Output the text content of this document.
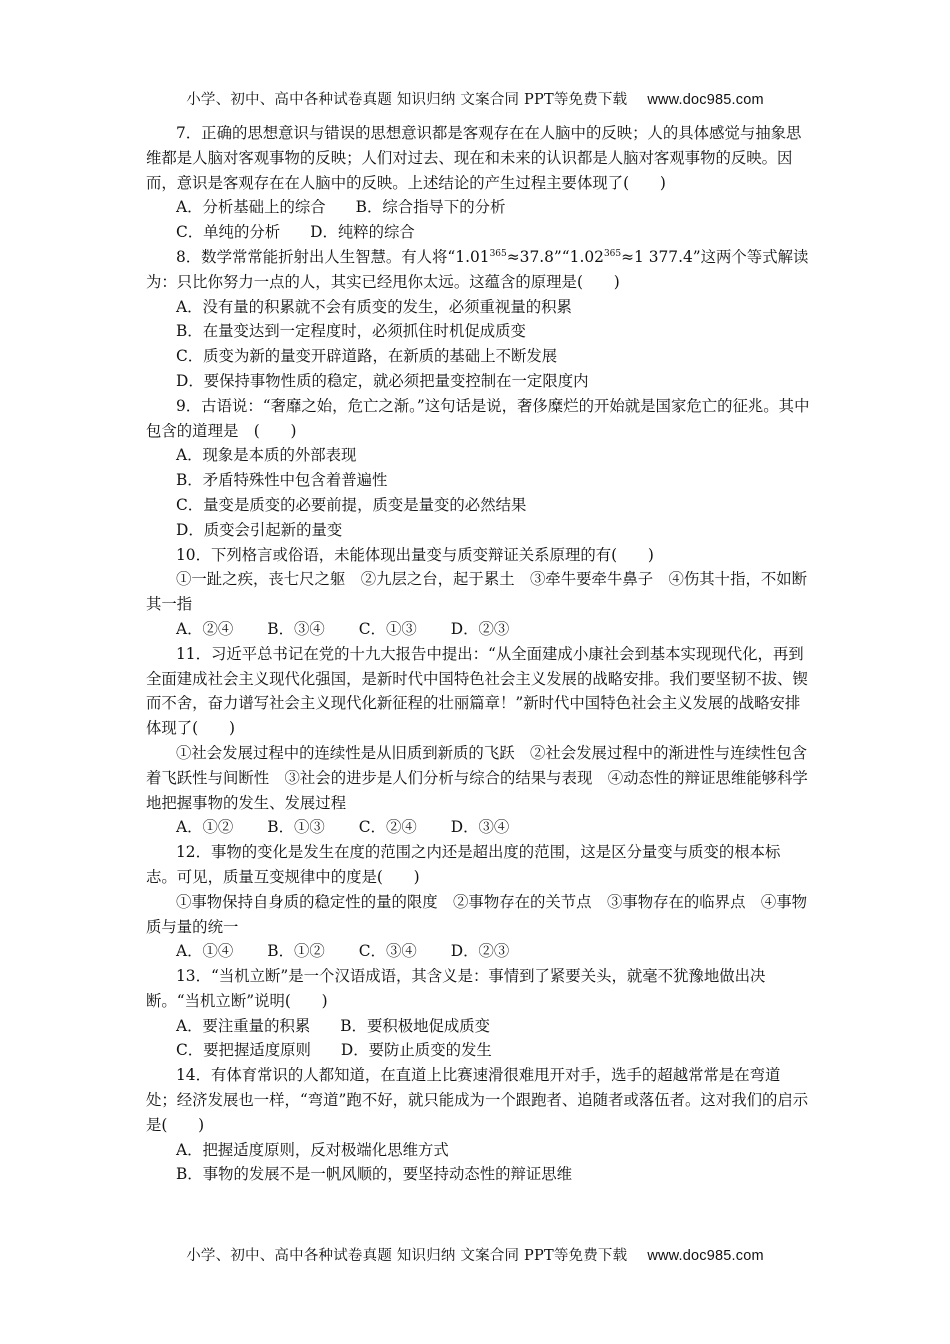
小学、初中、高中各种试卷真题 知识归纳 文案合同 PPT等免费下载 www.doc985.com

7．正确的思想意识与错误的思想意识都是客观存在在人脑中的反映；人的具体感觉与抽象思维都是人脑对客观事物的反映；人们对过去、现在和未来的认识都是人脑对客观事物的反映。因而，意识是客观存在在人脑中的反映。上述结论的产生过程主要体现了(　　)

A．分析基础上的综合 B．综合指导下的分析
C．单纯的分析 D．纯粹的综合

8．数学常常能折射出人生智慧。有人将“$1.01^{365}\approx 37.8”“1.02^{365}\approx 1$ 377.4”这两个等式解读为：只比你努力一点的人，其实已经甩你太远。这蕴含的原理是(　　)

A．没有量的积累就不会有质变的发生，必须重视量的积累
B．在量变达到一定程度时，必须抓住时机促成质变
C．质变为新的量变开辟道路，在新质的基础上不断发展
D．要保持事物性质的稳定，就必须把量变控制在一定限度内

9．古语说：“奢靡之始，危亡之渐。”这句话是说，奢侈糜烂的开始就是国家危亡的征兆。其中包含的道理是　(　　)

A．现象是本质的外部表现
B．矛盾特殊性中包含着普遍性
C．量变是质变的必要前提，质变是量变的必然结果
D．质变会引起新的量变

10．下列格言或俗语，未能体现出量变与质变辩证关系原理的有(　　)

①一趾之疾，丧七尺之躯　②九层之台，起于累土　③牵牛要牵牛鼻子　④伤其十指，不如断其一指

A．②④ B．③④ C．①③ D．②③

11．习近平总书记在党的十九大报告中提出：“从全面建成小康社会到基本实现现代化，再到全面建成社会主义现代化强国，是新时代中国特色社会主义发展的战略安排。我们要坚韧不拔、锲而不舍，奋力谱写社会主义现代化新征程的壮丽篇章！”新时代中国特色社会主义发展的战略安排体现了(　　)

①社会发展过程中的连续性是从旧质到新质的飞跃　②社会发展过程中的渐进性与连续性包含着飞跃性与间断性　③社会的进步是人们分析与综合的结果与表现　④动态性的辩证思维能够科学地把握事物的发生、发展过程

A．①② B．①③ C．②④ D．③④

12．事物的变化是发生在度的范围之内还是超出度的范围，这是区分量变与质变的根本标志。可见，质量互变规律中的度是(　　)

①事物保持自身质的稳定性的量的限度　②事物存在的关节点　③事物存在的临界点　④事物质与量的统一

A．①④ B．①② C．③④ D．②③

13．“当机立断”是一个汉语成语，其含义是：事情到了紧要关头，就毫不犹豫地做出决断。“当机立断”说明(　　)

A．要注重量的积累 B．要积极地促成质变
C．要把握适度原则 D．要防止质变的发生

14．有体育常识的人都知道，在直道上比赛速滑很难甩开对手，选手的超越常常是在弯道处；经济发展也一样，“弯道”跑不好，就只能成为一个跟跑者、追随者或落伍者。这对我们的启示是(　　)

A．把握适度原则，反对极端化思维方式
B．事物的发展不是一帆风顺的，要坚持动态性的辩证思维
小学、初中、高中各种试卷真题 知识归纳 文案合同 PPT等免费下载 www.doc985.com
